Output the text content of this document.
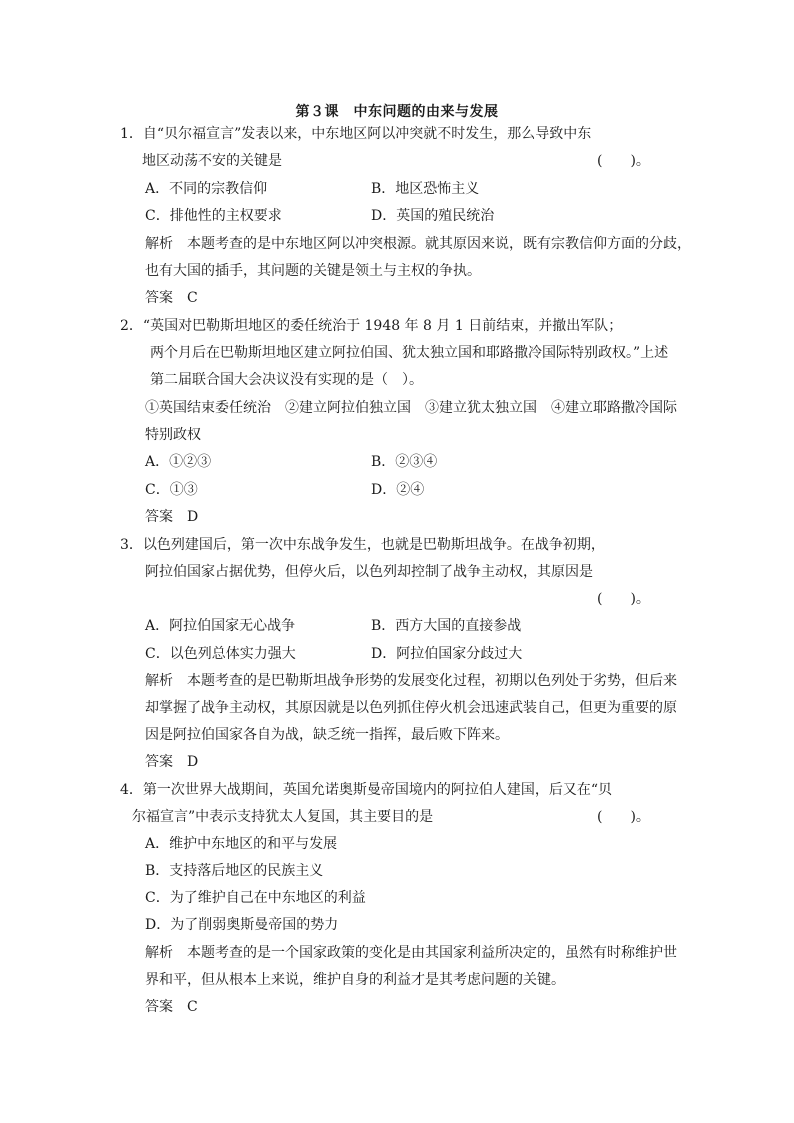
第３课　中东问题的由来与发展
1．自“贝尔福宣言”发表以来，中东地区阿以冲突就不时发生，那么导致中东
地区动荡不安的关键是	(　　)。
A．不同的宗教信仰	B．地区恐怖主义
C．排他性的主权要求	D．英国的殖民统治
解析　本题考查的是中东地区阿以冲突根源。就其原因来说，既有宗教信仰方面的分歧，
也有大国的插手，其问题的关键是领土与主权的争执。
答案　C
2．“英国对巴勒斯坦地区的委任统治于 1948 年 8 月 1 日前结束，并撤出军队；
两个月后在巴勒斯坦地区建立阿拉伯国、犹太独立国和耶路撒冷国际特别政权。”上述
第二届联合国大会决议没有实现的是（　）。
①英国结束委任统治　②建立阿拉伯独立国　③建立犹太独立国　④建立耶路撒冷国际
特别政权
A．①②③	B．②③④
C．①③	D．②④
答案　D
3．以色列建国后，第一次中东战争发生，也就是巴勒斯坦战争。在战争初期，
阿拉伯国家占据优势，但停火后，以色列却控制了战争主动权，其原因是
(　　)。
A．阿拉伯国家无心战争	B．西方大国的直接参战
C．以色列总体实力强大	D．阿拉伯国家分歧过大
解析　本题考查的是巴勒斯坦战争形势的发展变化过程，初期以色列处于劣势，但后来
却掌握了战争主动权，其原因就是以色列抓住停火机会迅速武装自己，但更为重要的原
因是阿拉伯国家各自为战，缺乏统一指挥，最后败下阵来。
答案　D
4．第一次世界大战期间，英国允诺奥斯曼帝国境内的阿拉伯人建国，后又在“贝
尔福宣言”中表示支持犹太人复国，其主要目的是	(　　)。
A．维护中东地区的和平与发展
B．支持落后地区的民族主义
C．为了维护自己在中东地区的利益
D．为了削弱奥斯曼帝国的势力
解析　本题考查的是一个国家政策的变化是由其国家利益所决定的，虽然有时称维护世
界和平，但从根本上来说，维护自身的利益才是其考虑问题的关键。
答案　C
